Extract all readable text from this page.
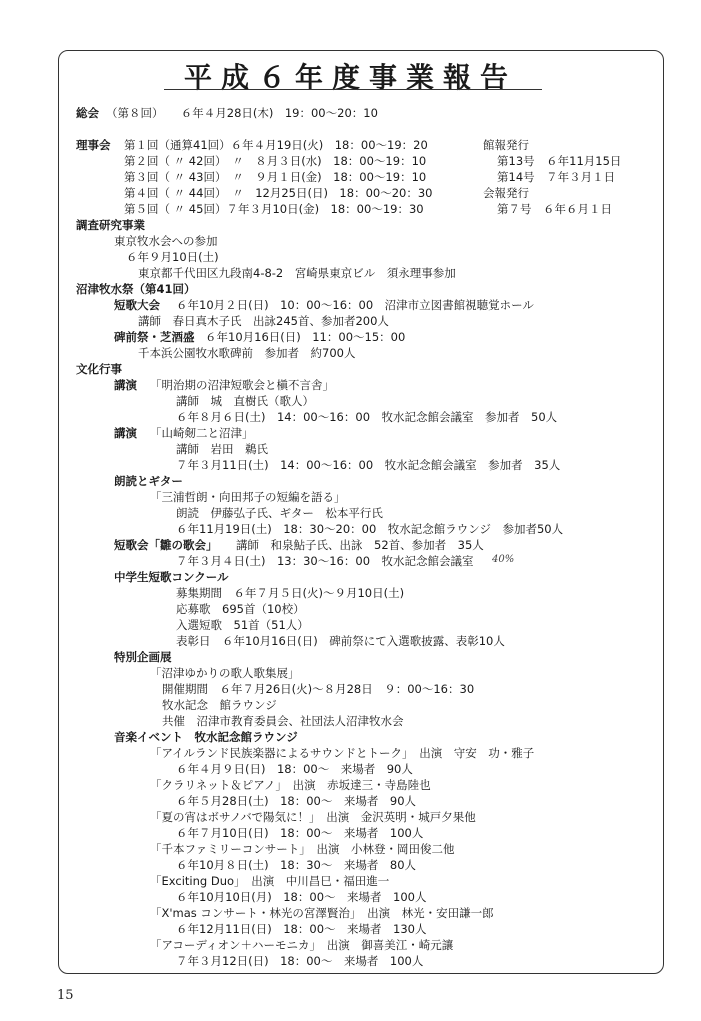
平成６年度事業報告
総会 （第８回）　　６年４月28日(木)　19：00〜20：10
理事会 第１回（通算41回）６年４月19日(火)　18：00〜19：20
第２回（ 〃 42回）　〃　８月３日(水)　18：00〜19：10
第３回（ 〃 43回）　〃　９月１日(金)　18：00〜19：10
第４回（ 〃 44回）　〃　12月25日(日)　18：00〜20：30
第５回（ 〃 45回）７年３月10日(金)　18：00〜19：30
館報発行
第13号　６年11月15日
第14号　７年３月１日
会報発行
第７号　６年６月１日
調査研究事業
東京牧水会への参加
６年９月10日(土)
東京都千代田区九段南4-8-2　宮崎県東京ビル　須永理事参加
沼津牧水祭（第41回）
短歌大会 ６年10月２日(日)　10：00〜16：00　沼津市立図書館視聴覚ホール
講師　春日真木子氏　出詠245首、参加者200人
碑前祭・芝酒盛 ６年10月16日(日)　11：00〜15：00
千本浜公園牧水歌碑前　参加者　約700人
文化行事
講演 「明治期の沼津短歌会と槇不言舎」
講師　城　直樹氏（歌人）
６年８月６日(土)　14：00〜16：00　牧水記念館会議室　参加者　50人
講演 「山崎剱二と沼津」
講師　岩田　鵜氏
７年３月11日(土)　14：00〜16：00　牧水記念館会議室　参加者　35人
朗読とギター
「三浦哲朗・向田邦子の短編を語る」
朗読　伊藤弘子氏、ギター　松本平行氏
６年11月19日(土)　18：30〜20：00　牧水記念館ラウンジ　参加者50人
短歌会「雛の歌会」 講師　和泉鮎子氏、出詠　52首、参加者　35人
７年３月４日(土)　13：30〜16：00　牧水記念館会議室 40%
中学生短歌コンクール
募集期間　６年７月５日(火)〜９月10日(土)
応募歌　695首（10校）
入選短歌　51首（51人）
表彰日　６年10月16日(日)　碑前祭にて入選歌披露、表彰10人
特別企画展
「沼津ゆかりの歌人歌集展」
開催期間　６年７月26日(火)〜８月28日　９：00〜16：30
牧水記念　館ラウンジ
共催　沼津市教育委員会、社団法人沼津牧水会
音楽イベント　牧水記念館ラウンジ
「アイルランド民族楽器によるサウンドとトーク」　出演　守安　功・雅子
６年４月９日(日)　18：00〜　来場者　90人
「クラリネット＆ピアノ」　出演　赤坂達三・寺島陸也
６年５月28日(土)　18：00〜　来場者　90人
「夏の宵はボサノバで陽気に！」　出演　金沢英明・城戸夕果他
６年７月10日(日)　18：00〜　来場者　100人
「千本ファミリーコンサート」　出演　小林登・岡田俊二他
６年10月８日(土)　18：30〜　来場者　80人
「Exciting Duo」　出演　中川昌巳・福田進一
６年10月10日(月)　18：00〜　来場者　100人
「X'mas コンサート・林光の宮澤賢治」　出演　林光・安田謙一郎
６年12月11日(日)　18：00〜　来場者　130人
「アコーディオン＋ハーモニカ」　出演　御喜美江・崎元讓
７年３月12日(日)　18：00〜　来場者　100人
15
